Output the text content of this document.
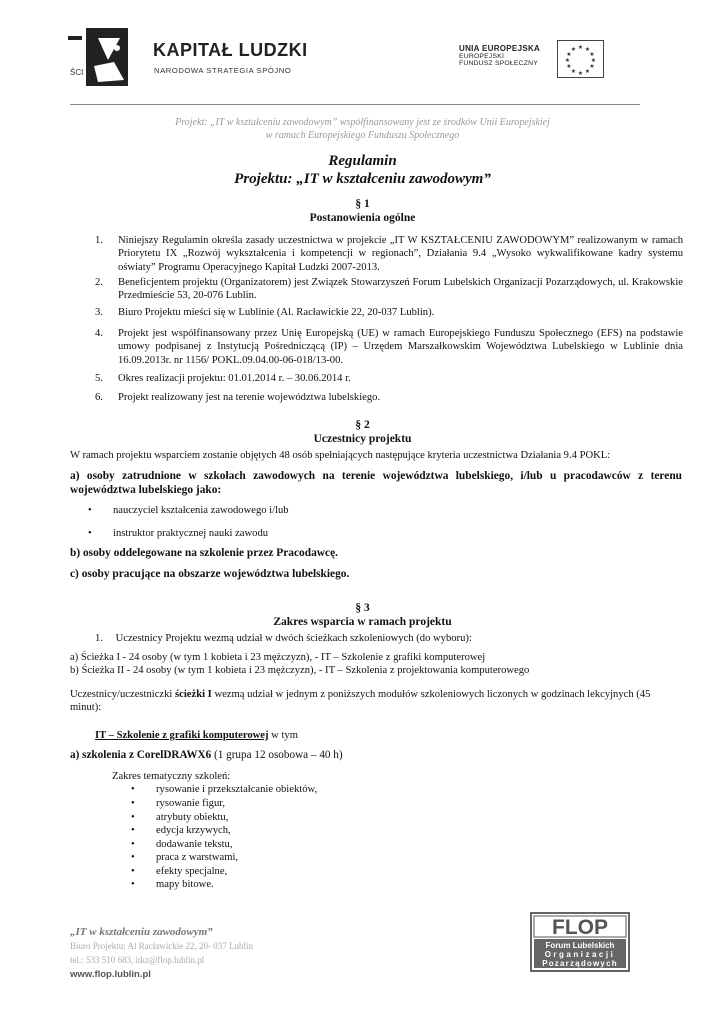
KAPITAŁ LUDZKI
NARODOWA STRATEGIA SPÓJNO
ŚCI
UNIA EUROPEJSKA
EUROPEJSKI
FUNDUSZ SPOŁECZNY
★ ★
★
★
★
★
★
★
★
★
★
★
Projekt: „IT w kształceniu zawodowym” współfinansowany jest ze środków Unii Europejskiej
w ramach Europejskiego Funduszu Społecznego
Regulamin
Projektu: „IT w kształceniu zawodowym”
§ 1
Postanowienia ogólne
1. Niniejszy Regulamin określa zasady uczestnictwa w projekcie „IT W KSZTAŁCENIU ZAWODOWYM” realizowanym w ramach Priorytetu IX „Rozwój wykształcenia i kompetencji w regionach”, Działania 9.4 „Wysoko wykwalifikowane kadry systemu oświaty” Programu Operacyjnego Kapitał Ludzki 2007-2013.
2. Beneficjentem projektu (Organizatorem) jest Związek Stowarzyszeń Forum Lubelskich Organizacji Pozarządowych, ul. Krakowskie Przedmieście 53, 20-076 Lublin.
3. Biuro Projektu mieści się w Lublinie (Al. Racławickie 22, 20-037 Lublin).
4. Projekt jest współfinansowany przez Unię Europejską (UE) w ramach Europejskiego Funduszu Społecznego (EFS) na podstawie umowy podpisanej z Instytucją Pośredniczącą (IP) – Urzędem Marszałkowskim Województwa Lubelskiego w Lublinie dnia 16.09.2013r. nr 1156/ POKL.09.04.00-06-018/13-00.
5. Okres realizacji projektu: 01.01.2014 r. – 30.06.2014 r.
6. Projekt realizowany jest na terenie województwa lubelskiego.
§ 2
Uczestnicy projektu
W ramach projektu wsparciem zostanie objętych 48 osób spełniających następujące kryteria uczestnictwa Działania 9.4 POKL:
a) osoby zatrudnione w szkołach zawodowych na terenie województwa lubelskiego, i/lub u pracodawców z terenu województwa lubelskiego jako:
• nauczyciel kształcenia zawodowego i/lub
• instruktor praktycznej nauki zawodu
b) osoby oddelegowane na szkolenie przez Pracodawcę.
c) osoby pracujące na obszarze województwa lubelskiego.
§ 3
Zakres wsparcia w ramach projektu
1. Uczestnicy Projektu wezmą udział w dwóch ścieżkach szkoleniowych (do wyboru):
a) Ścieżka I - 24 osoby (w tym 1 kobieta i 23 mężczyzn), - IT – Szkolenie z grafiki komputerowej
b) Ścieżka II - 24 osoby (w tym 1 kobieta i 23 mężczyzn), - IT – Szkolenia z projektowania komputerowego
Uczestnicy/uczestniczki ścieżki I wezmą udział w jednym z poniższych modułów szkoleniowych liczonych w godzinach lekcyjnych (45 minut):
IT – Szkolenie z grafiki komputerowej w tym
a) szkolenia z CorelDRAWX6 (1 grupa 12 osobowa – 40 h)
Zakres tematyczny szkoleń:
• rysowanie i przekształcanie obiektów,
• rysowanie figur,
• atrybuty obiektu,
• edycja krzywych,
• dodawanie tekstu,
• praca z warstwami,
• efekty specjalne,
• mapy bitowe.
„IT w kształceniu zawodowym”
Biuro Projektu: Al Racławickie 22, 20- 037 Lublin
tel.: 533 510 683, itkz@flop.lublin.pl
www.flop.lublin.pl
FLOP
Forum Lubelskich
Organizacji
Pozarządowych
